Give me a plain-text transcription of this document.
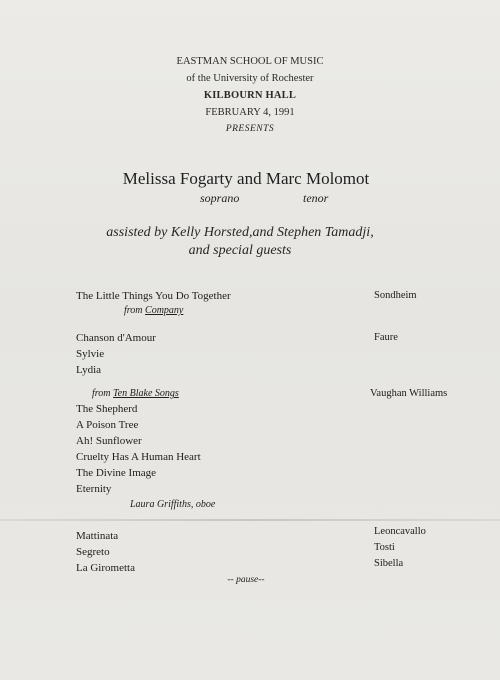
EASTMAN SCHOOL OF MUSIC
of the University of Rochester
KILBOURN HALL
FEBRUARY 4, 1991
PRESENTS
Melissa Fogarty and Marc Molomot
soprano	tenor
assisted by Kelly Horsted,and Stephen Tamadji,
and special guests
The Little Things You Do Together
from Company
Sondheim
Chanson d'Amour
Sylvie
Lydia
Faure
from Ten Blake Songs	Vaughan Williams
The Shepherd
A Poison Tree
Ah! Sunflower
Cruelty Has A Human Heart
The Divine Image
Eternity
Laura Griffiths, oboe
Mattinata
Segreto
La Girometta
Leoncavallo
Tosti
Sibella
-- pause--
